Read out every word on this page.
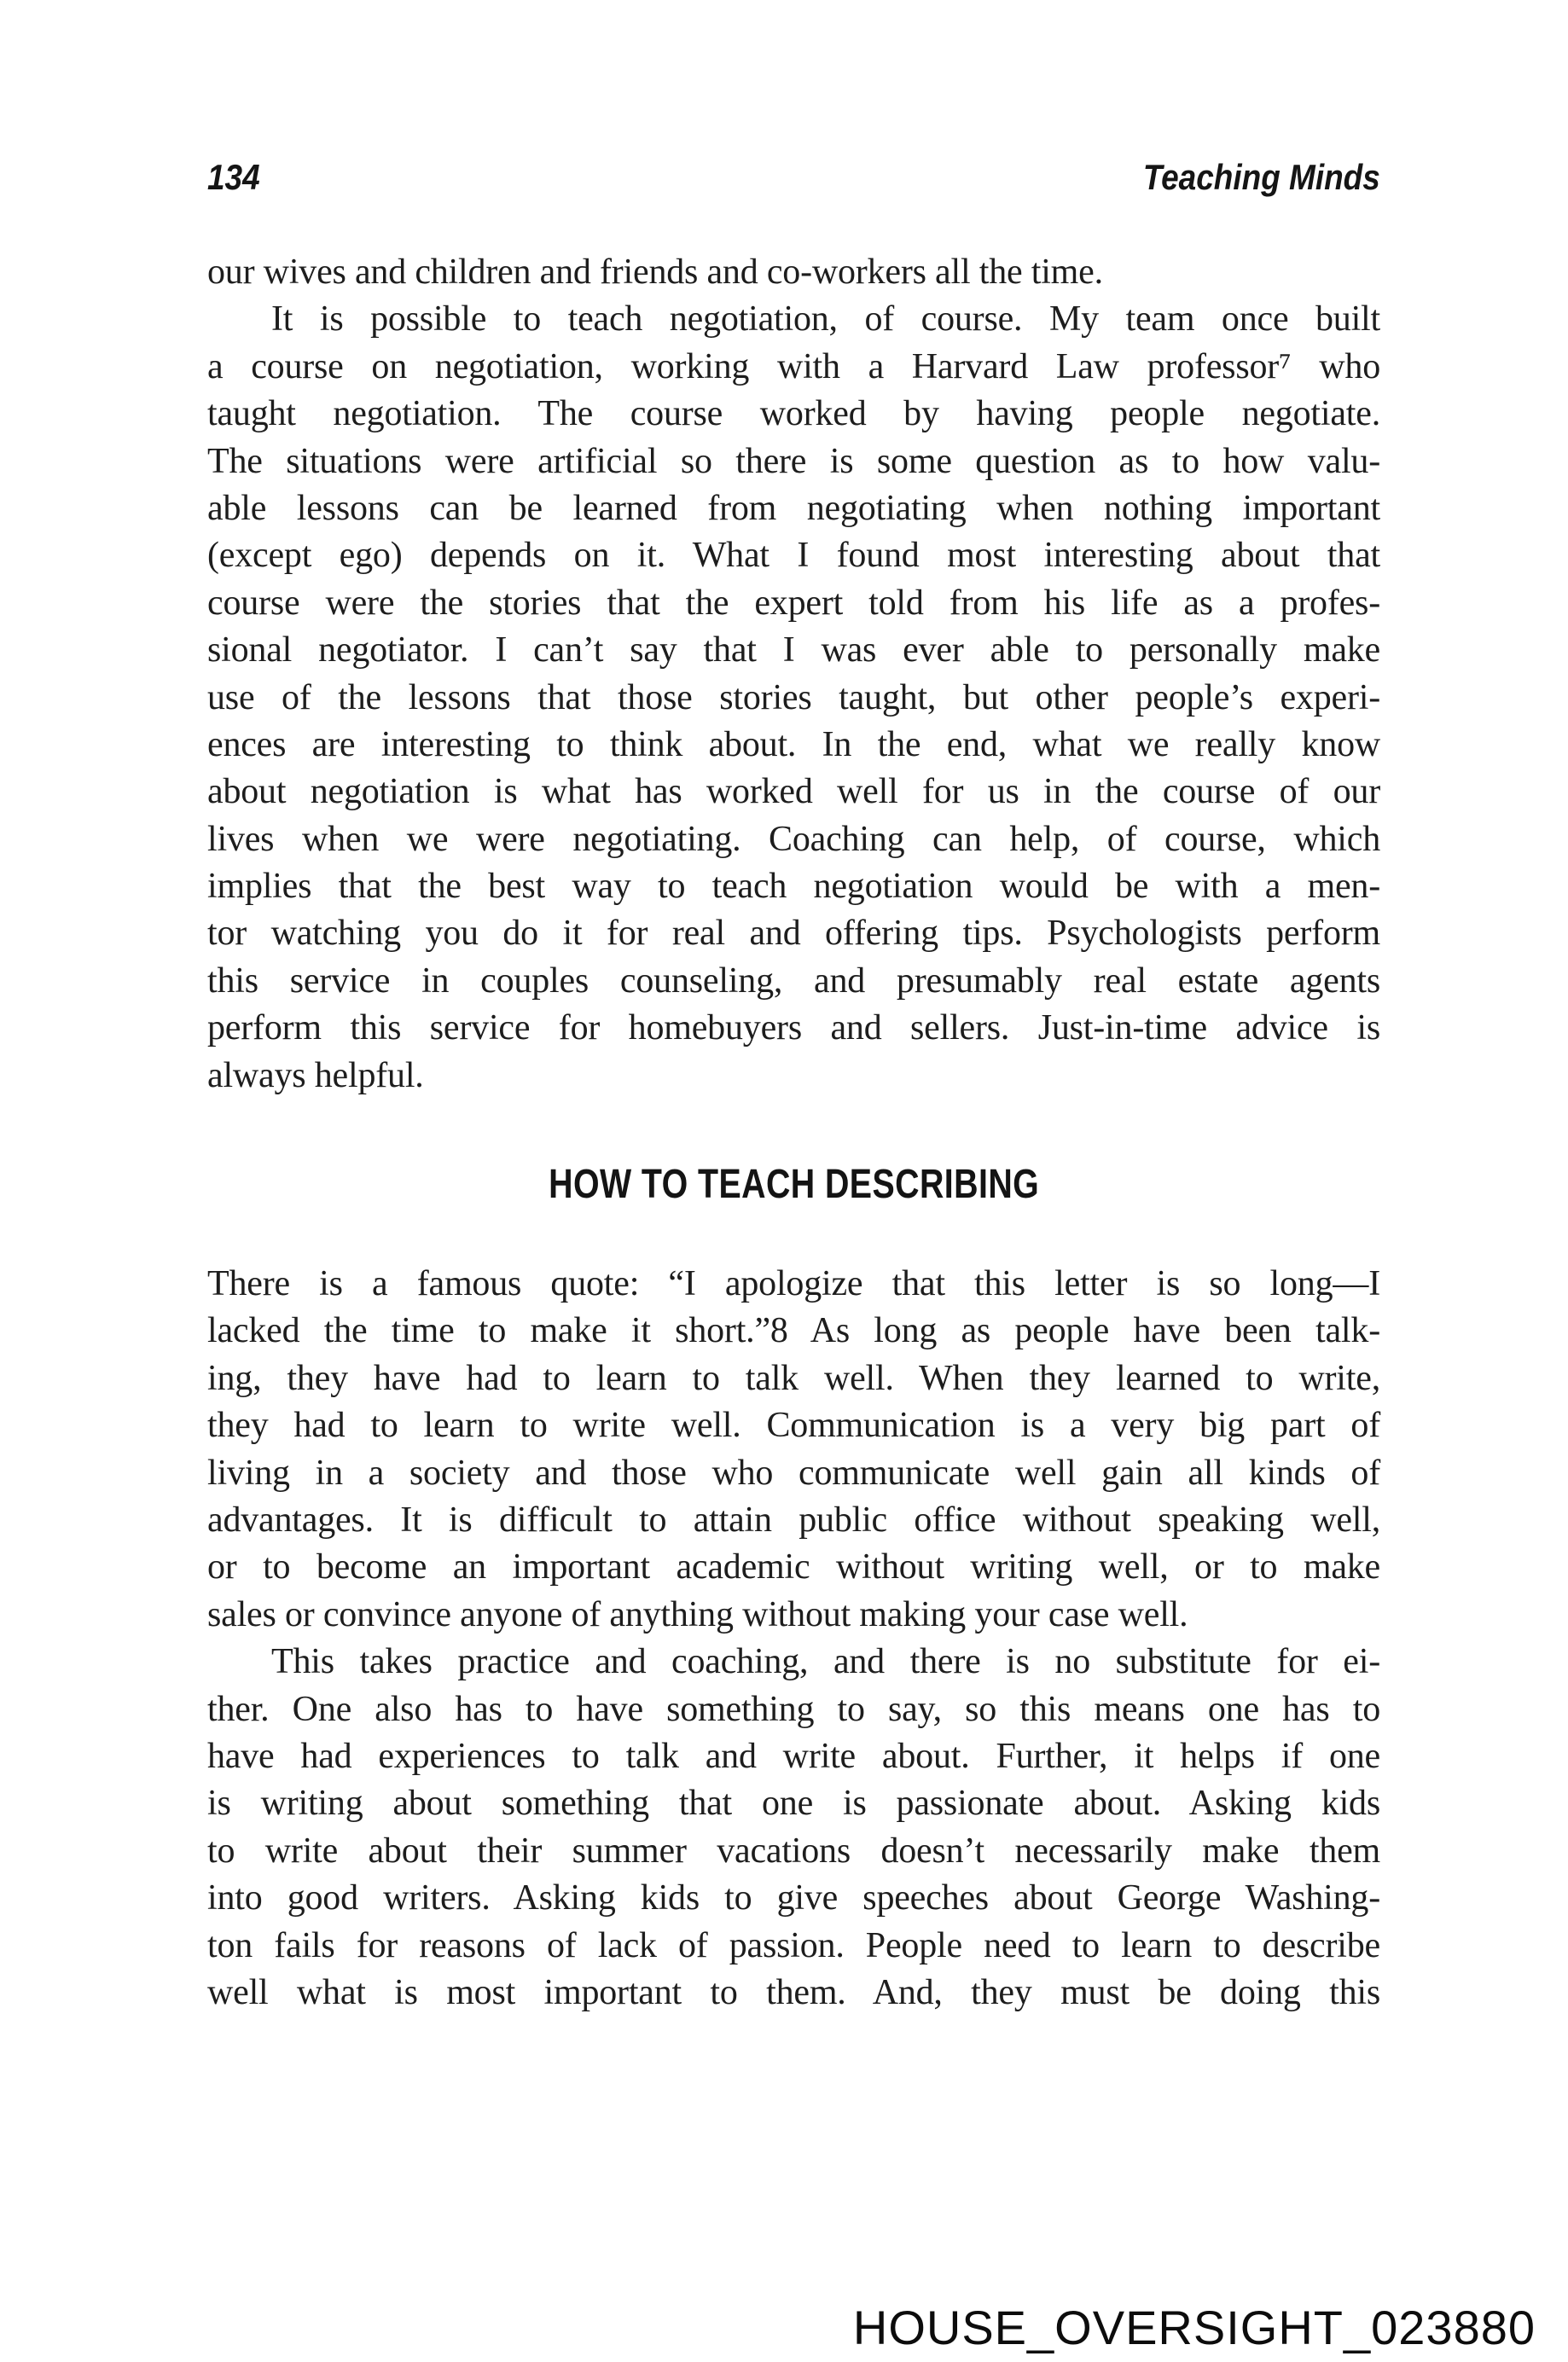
134	Teaching Minds
our wives and children and friends and co-workers all the time.
It is possible to teach negotiation, of course. My team once built
a course on negotiation, working with a Harvard Law professor⁷ who
taught negotiation. The course worked by having people negotiate.
The situations were artificial so there is some question as to how valu-
able lessons can be learned from negotiating when nothing important
(except ego) depends on it. What I found most interesting about that
course were the stories that the expert told from his life as a profes-
sional negotiator. I can’t say that I was ever able to personally make
use of the lessons that those stories taught, but other people’s experi-
ences are interesting to think about. In the end, what we really know
about negotiation is what has worked well for us in the course of our
lives when we were negotiating. Coaching can help, of course, which
implies that the best way to teach negotiation would be with a men-
tor watching you do it for real and offering tips. Psychologists perform
this service in couples counseling, and presumably real estate agents
perform this service for homebuyers and sellers. Just-in-time advice is
always helpful.
HOW TO TEACH DESCRIBING
There is a famous quote: “I apologize that this letter is so long—I
lacked the time to make it short.”8 As long as people have been talk-
ing, they have had to learn to talk well. When they learned to write,
they had to learn to write well. Communication is a very big part of
living in a society and those who communicate well gain all kinds of
advantages. It is difficult to attain public office without speaking well,
or to become an important academic without writing well, or to make
sales or convince anyone of anything without making your case well.
This takes practice and coaching, and there is no substitute for ei-
ther. One also has to have something to say, so this means one has to
have had experiences to talk and write about. Further, it helps if one
is writing about something that one is passionate about. Asking kids
to write about their summer vacations doesn’t necessarily make them
into good writers. Asking kids to give speeches about George Washing-
ton fails for reasons of lack of passion. People need to learn to describe
well what is most important to them. And, they must be doing this
HOUSE_OVERSIGHT_023880
